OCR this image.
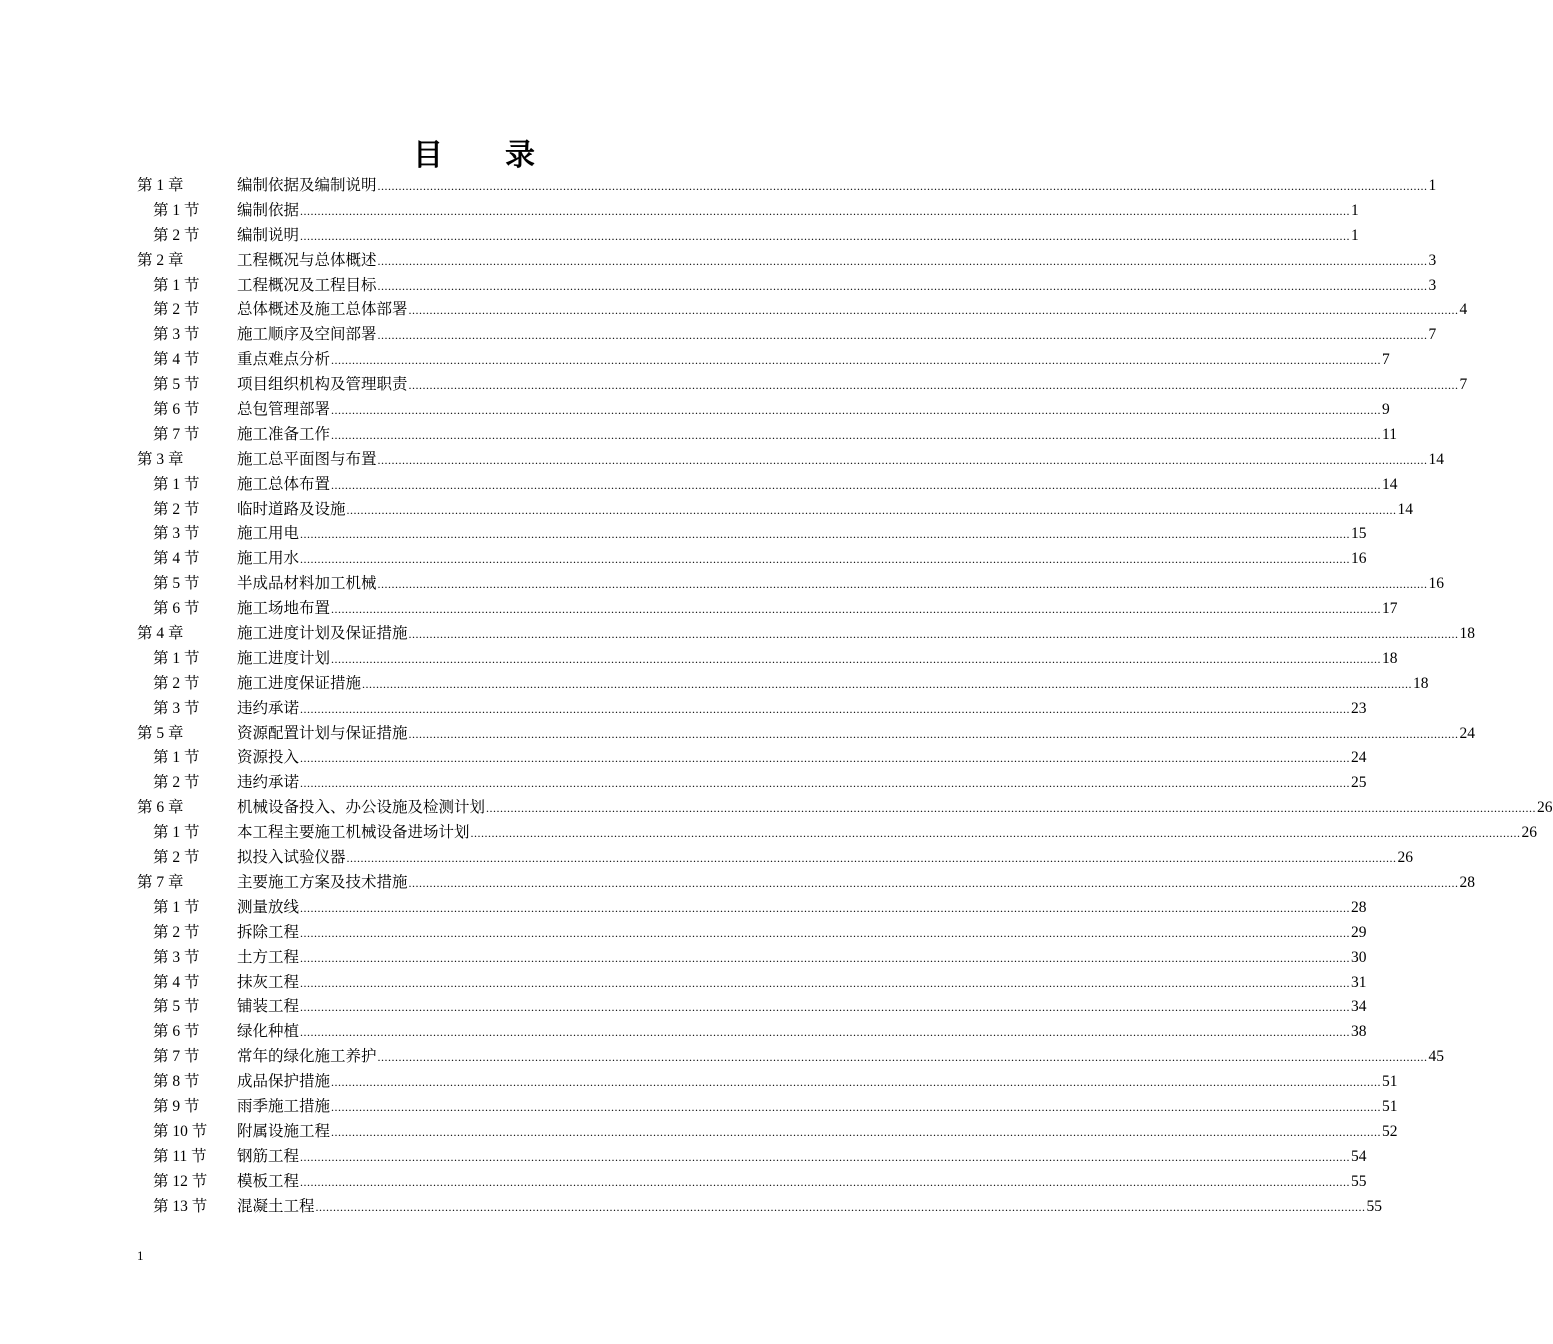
目 录
第 1 章	编制依据及编制说明 ............................................................................................................................................................................................................................................................................................................ 1
第 1 节 编制依据 ............................................................................................................................................................................................................................................................................................................ 1
第 2 节 编制说明 ............................................................................................................................................................................................................................................................................................................ 1
第 2 章	工程概况与总体概述 ............................................................................................................................................................................................................................................................................................................ 3
第 1 节 工程概况及工程目标 ............................................................................................................................................................................................................................................................................................................ 3
第 2 节 总体概述及施工总体部署 ............................................................................................................................................................................................................................................................................................................ 4
第 3 节 施工顺序及空间部署 ............................................................................................................................................................................................................................................................................................................ 7
第 4 节 重点难点分析 ............................................................................................................................................................................................................................................................................................................ 7
第 5 节 项目组织机构及管理职责 ............................................................................................................................................................................................................................................................................................................ 7
第 6 节 总包管理部署 ............................................................................................................................................................................................................................................................................................................ 9
第 7 节 施工准备工作 ............................................................................................................................................................................................................................................................................................................ 11
第 3 章	施工总平面图与布置 ............................................................................................................................................................................................................................................................................................................ 14
第 1 节 施工总体布置 ............................................................................................................................................................................................................................................................................................................ 14
第 2 节 临时道路及设施 ............................................................................................................................................................................................................................................................................................................ 14
第 3 节 施工用电 ............................................................................................................................................................................................................................................................................................................ 15
第 4 节 施工用水 ............................................................................................................................................................................................................................................................................................................ 16
第 5 节 半成品材料加工机械 ............................................................................................................................................................................................................................................................................................................ 16
第 6 节 施工场地布置 ............................................................................................................................................................................................................................................................................................................ 17
第 4 章	施工进度计划及保证措施 ............................................................................................................................................................................................................................................................................................................ 18
第 1 节 施工进度计划 ............................................................................................................................................................................................................................................................................................................ 18
第 2 节 施工进度保证措施 ............................................................................................................................................................................................................................................................................................................ 18
第 3 节 违约承诺 ............................................................................................................................................................................................................................................................................................................ 23
第 5 章	资源配置计划与保证措施 ............................................................................................................................................................................................................................................................................................................ 24
第 1 节 资源投入 ............................................................................................................................................................................................................................................................................................................ 24
第 2 节 违约承诺 ............................................................................................................................................................................................................................................................................................................ 25
第 6 章	机械设备投入、办公设施及检测计划 ............................................................................................................................................................................................................................................................................................................ 26
第 1 节 本工程主要施工机械设备进场计划 ............................................................................................................................................................................................................................................................................................................ 26
第 2 节 拟投入试验仪器 ............................................................................................................................................................................................................................................................................................................ 26
第 7 章	主要施工方案及技术措施 ............................................................................................................................................................................................................................................................................................................ 28
第 1 节 测量放线 ............................................................................................................................................................................................................................................................................................................ 28
第 2 节 拆除工程 ............................................................................................................................................................................................................................................................................................................ 29
第 3 节 土方工程 ............................................................................................................................................................................................................................................................................................................ 30
第 4 节 抹灰工程 ............................................................................................................................................................................................................................................................................................................ 31
第 5 节 铺装工程 ............................................................................................................................................................................................................................................................................................................ 34
第 6 节 绿化种植 ............................................................................................................................................................................................................................................................................................................ 38
第 7 节 常年的绿化施工养护 ............................................................................................................................................................................................................................................................................................................ 45
第 8 节 成品保护措施 ............................................................................................................................................................................................................................................................................................................ 51
第 9 节 雨季施工措施 ............................................................................................................................................................................................................................................................................................................ 51
第 10 节 附属设施工程 ............................................................................................................................................................................................................................................................................................................ 52
第 11 节 钢筋工程 ............................................................................................................................................................................................................................................................................................................ 54
第 12 节 模板工程 ............................................................................................................................................................................................................................................................................................................ 55
第 13 节 混凝土工程 ............................................................................................................................................................................................................................................................................................................ 55
1
